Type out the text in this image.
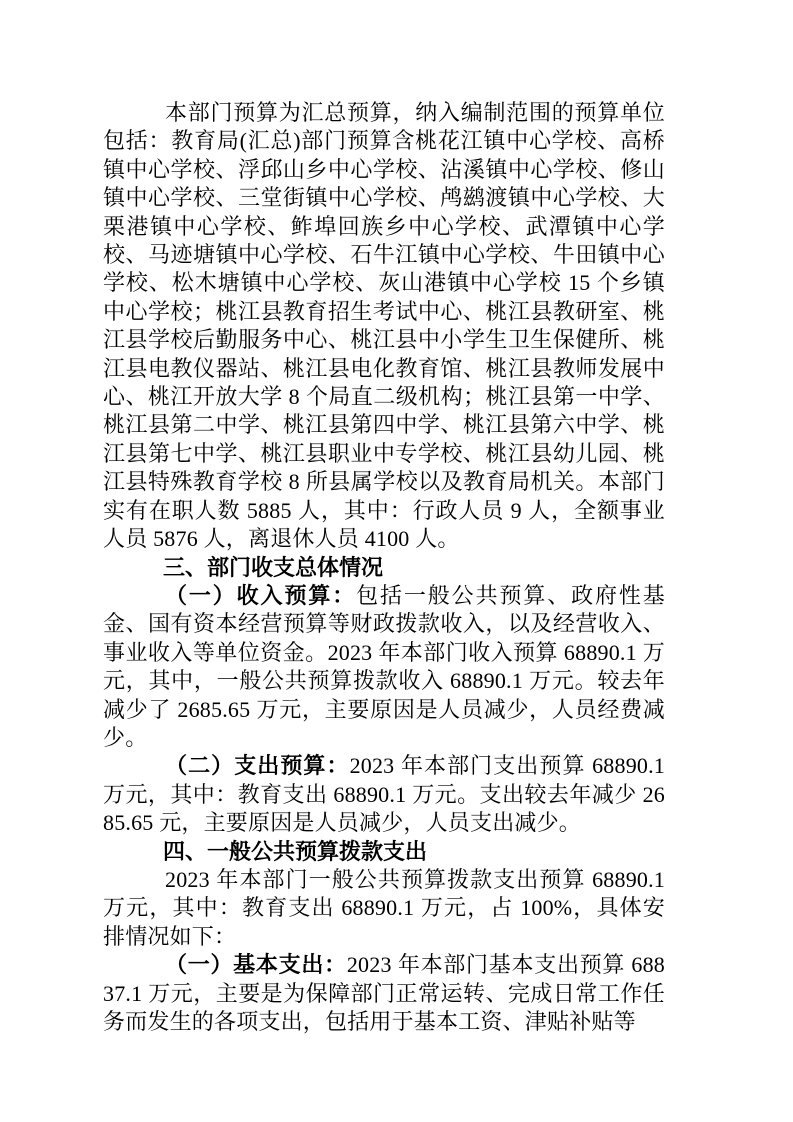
本部门预算为汇总预算，纳入编制范围的预算单位包括：教育局(汇总)部门预算含桃花江镇中心学校、高桥镇中心学校、浮邱山乡中心学校、沾溪镇中心学校、修山镇中心学校、三堂街镇中心学校、鸬鹚渡镇中心学校、大栗港镇中心学校、鲊埠回族乡中心学校、武潭镇中心学校、马迹塘镇中心学校、石牛江镇中心学校、牛田镇中心学校、松木塘镇中心学校、灰山港镇中心学校 15 个乡镇中心学校；桃江县教育招生考试中心、桃江县教研室、桃江县学校后勤服务中心、桃江县中小学生卫生保健所、桃江县电教仪器站、桃江县电化教育馆、桃江县教师发展中心、桃江开放大学 8 个局直二级机构；桃江县第一中学、桃江县第二中学、桃江县第四中学、桃江县第六中学、桃江县第七中学、桃江县职业中专学校、桃江县幼儿园、桃江县特殊教育学校 8 所县属学校以及教育局机关。本部门实有在职人数 5885 人，其中：行政人员 9 人，全额事业人员 5876 人，离退休人员 4100 人。

三、部门收支总体情况

（一）收入预算：包括一般公共预算、政府性基金、国有资本经营预算等财政拨款收入，以及经营收入、事业收入等单位资金。2023 年本部门收入预算 68890.1 万元，其中，一般公共预算拨款收入 68890.1 万元。较去年减少了 2685.65 万元，主要原因是人员减少，人员经费减少。

（二）支出预算：2023 年本部门支出预算 68890.1 万元，其中：教育支出 68890.1 万元。支出较去年减少 2685.65 元，主要原因是人员减少，人员支出减少。

四、一般公共预算拨款支出

2023 年本部门一般公共预算拨款支出预算 68890.1 万元，其中：教育支出 68890.1 万元，占 100%，具体安排情况如下：

（一）基本支出：2023 年本部门基本支出预算 68837.1 万元，主要是为保障部门正常运转、完成日常工作任务而发生的各项支出，包括用于基本工资、津贴补贴等
